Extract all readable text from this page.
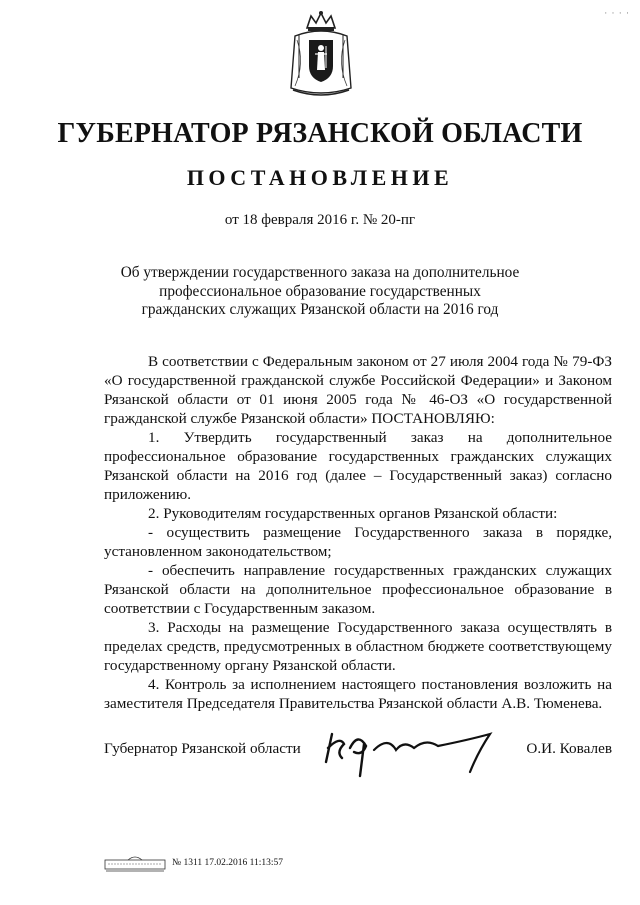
· · · ·
ГУБЕРНАТОР РЯЗАНСКОЙ ОБЛАСТИ
ПОСТАНОВЛЕНИЕ
от 18 февраля 2016 г. № 20-пг
Об утверждении государственного заказа на дополнительное профессиональное образование государственных гражданских служащих Рязанской области на 2016 год

В соответствии с Федеральным законом от 27 июля 2004 года № 79-ФЗ «О государственной гражданской службе Российской Федерации» и Законом Рязанской области от 01 июня 2005 года № 46-ОЗ «О государственной гражданской службе Рязанской области» ПОСТАНОВЛЯЮ:

1. Утвердить государственный заказ на дополнительное профессиональное образование государственных гражданских служащих Рязанской области на 2016 год (далее – Государственный заказ) согласно приложению.

2. Руководителям государственных органов Рязанской области:

- осуществить размещение Государственного заказа в порядке, установленном законодательством;

- обеспечить направление государственных гражданских служащих Рязанской области на дополнительное профессиональное образование в соответствии с Государственным заказом.

3. Расходы на размещение Государственного заказа осуществлять в пределах средств, предусмотренных в областном бюджете соответствующему государственному органу Рязанской области.

4. Контроль за исполнением настоящего постановления возложить на заместителя Председателя Правительства Рязанской области А.В. Тюменева.

Губернатор Рязанской области	О.И. Ковалев
№ 1311 17.02.2016 11:13:57
